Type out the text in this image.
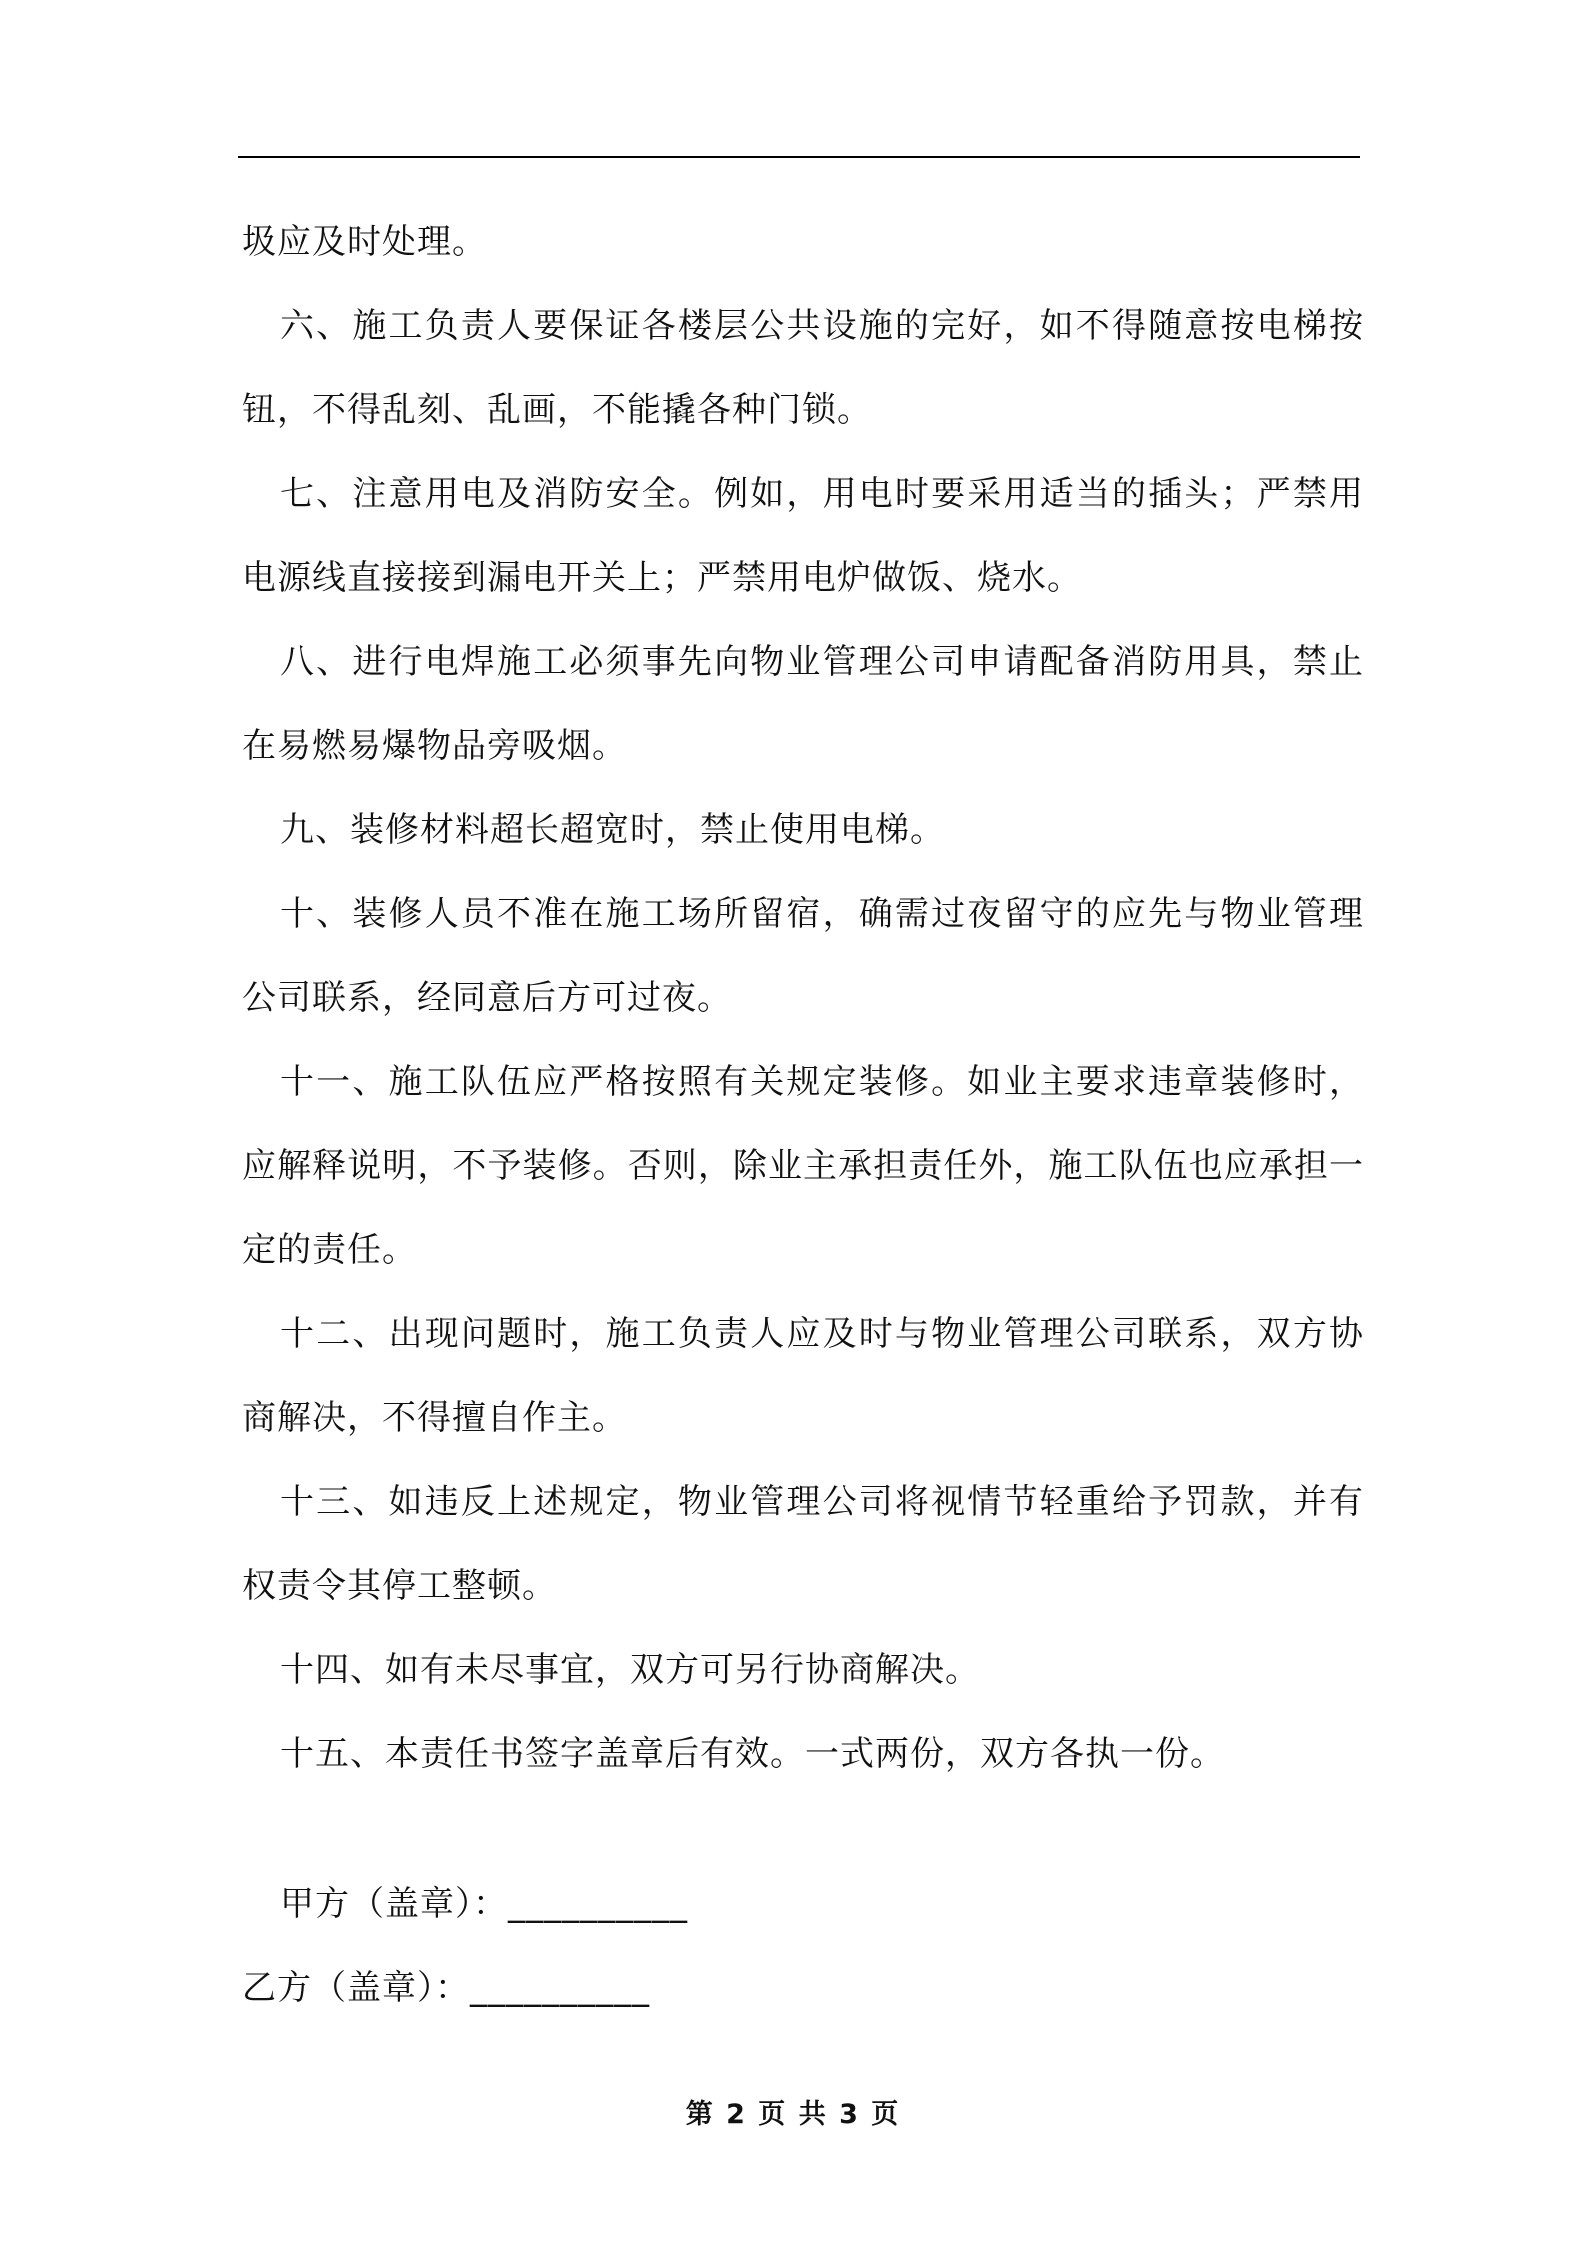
圾应及时处理。

六、施工负责人要保证各楼层公共设施的完好，如不得随意按电梯按钮，不得乱刻、乱画，不能撬各种门锁。

七、注意用电及消防安全。例如，用电时要采用适当的插头；严禁用电源线直接接到漏电开关上；严禁用电炉做饭、烧水。

八、进行电焊施工必须事先向物业管理公司申请配备消防用具，禁止在易燃易爆物品旁吸烟。

九、装修材料超长超宽时，禁止使用电梯。

十、装修人员不准在施工场所留宿，确需过夜留守的应先与物业管理公司联系，经同意后方可过夜。

十一、施工队伍应严格按照有关规定装修。如业主要求违章装修时，应解释说明，不予装修。否则，除业主承担责任外，施工队伍也应承担一定的责任。

十二、出现问题时，施工负责人应及时与物业管理公司联系，双方协商解决，不得擅自作主。

十三、如违反上述规定，物业管理公司将视情节轻重给予罚款，并有权责令其停工整顿。

十四、如有未尽事宜，双方可另行协商解决。

十五、本责任书签字盖章后有效。一式两份，双方各执一份。

甲方（盖章）：__________

乙方（盖章）：__________

第 2 页 共 3 页
